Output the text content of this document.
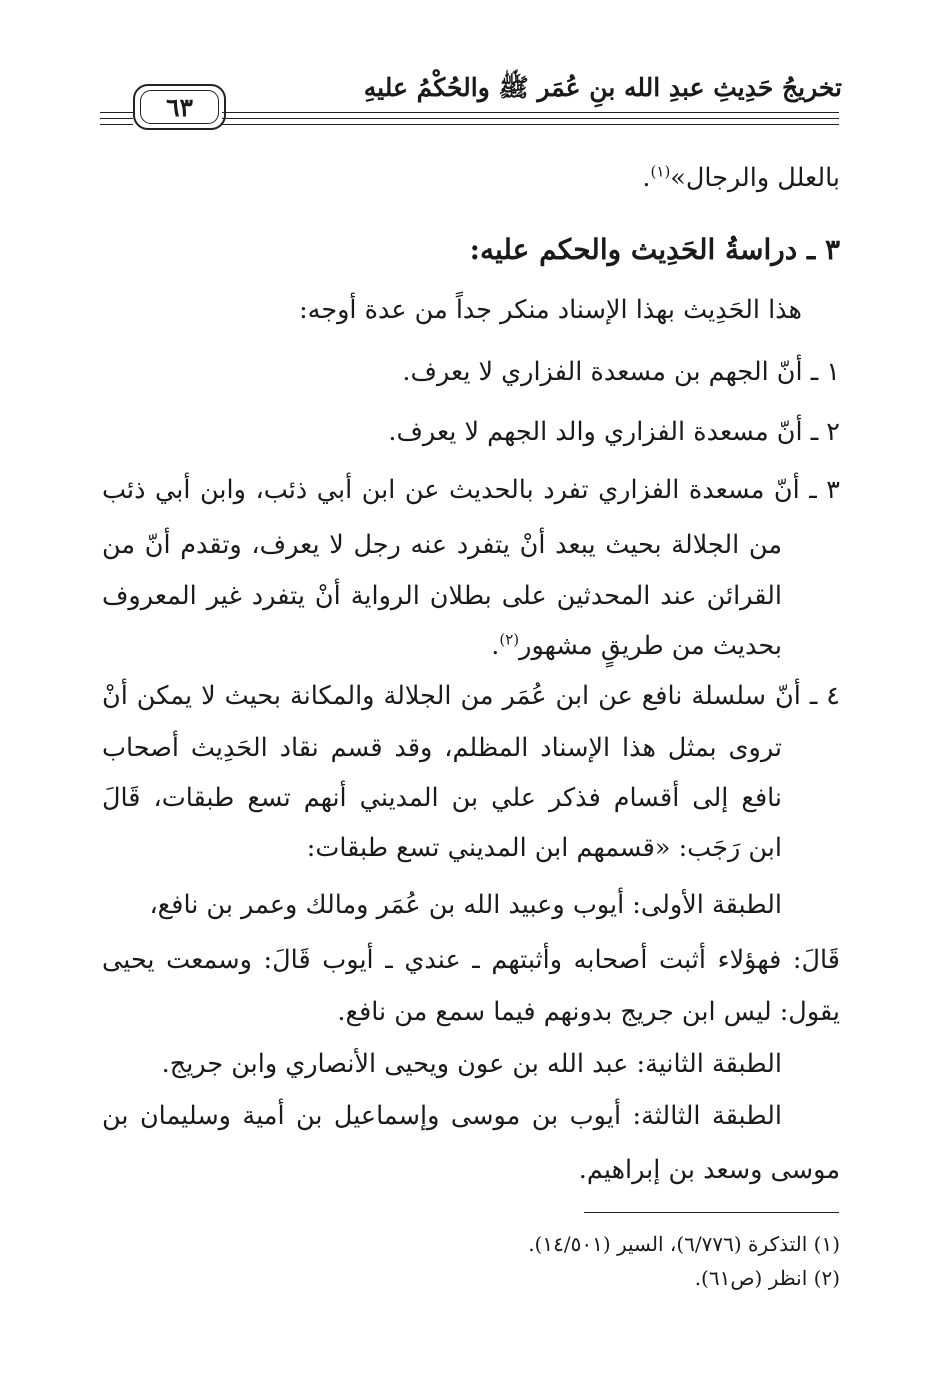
تخريجُ حَدِيثِ عبدِ الله بنِ عُمَر ﷺ والحُكْمُ عليهِ
٦٣
بالعلل والرجال»$^{(١)}$.
٣ ـ دراسةُ الحَدِيث والحكم عليه:
هذا الحَدِيث بهذا الإسناد منكر جداً من عدة أوجه:
١ ـ أنّ الجهم بن مسعدة الفزاري لا يعرف.
٢ ـ أنّ مسعدة الفزاري والد الجهم لا يعرف.
٣ ـ أنّ مسعدة الفزاري تفرد بالحديث عن ابن أبي ذئب، وابن أبي ذئب
من الجلالة بحيث يبعد أنْ يتفرد عنه رجل لا يعرف، وتقدم أنّ من
القرائن عند المحدثين على بطلان الرواية أنْ يتفرد غير المعروف
بحديث من طريقٍ مشهور$^{(٢)}$.
٤ ـ أنّ سلسلة نافع عن ابن عُمَر من الجلالة والمكانة بحيث لا يمكن أنْ
تروى بمثل هذا الإسناد المظلم، وقد قسم نقاد الحَدِيث أصحاب
نافع إلى أقسام فذكر علي بن المديني أنهم تسع طبقات، قَالَ
ابن رَجَب: «قسمهم ابن المديني تسع طبقات:
الطبقة الأولى: أيوب وعبيد الله بن عُمَر ومالك وعمر بن نافع،
قَالَ: فهؤلاء أثبت أصحابه وأثبتهم ـ عندي ـ أيوب قَالَ: وسمعت يحيى
يقول: ليس ابن جريج بدونهم فيما سمع من نافع.
الطبقة الثانية: عبد الله بن عون ويحيى الأنصاري وابن جريج.
الطبقة الثالثة: أيوب بن موسى وإسماعيل بن أمية وسليمان بن
موسى وسعد بن إبراهيم.
(١) التذكرة (٦/٧٧٦)، السير (١٤/٥٠١).
(٢) انظر (ص٦١).
